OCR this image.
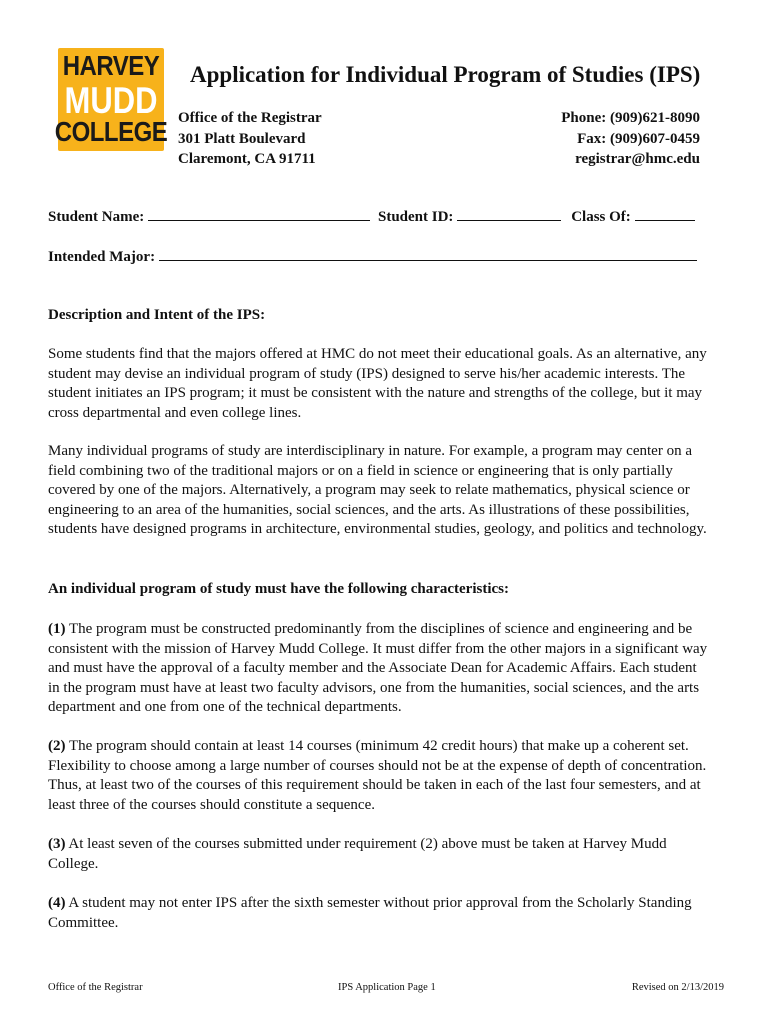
HARVEY
MUDD
COLLEGE
Application for Individual Program of Studies (IPS)
Office of the Registrar
301 Platt Boulevard
Claremont, CA 91711
Phone: (909)621-8090
Fax: (909)607-0459
registrar@hmc.edu
Student Name:	Student ID:	Class Of:
Intended Major:

Description and Intent of the IPS:

Some students find that the majors offered at HMC do not meet their educational goals. As an alternative, any student may devise an individual program of study (IPS) designed to serve his/her academic interests. The student initiates an IPS program; it must be consistent with the nature and strengths of the college, but it may cross departmental and even college lines.

Many individual programs of study are interdisciplinary in nature. For example, a program may center on a field combining two of the traditional majors or on a field in science or engineering that is only partially covered by one of the majors. Alternatively, a program may seek to relate mathematics, physical science or engineering to an area of the humanities, social sciences, and the arts. As illustrations of these possibilities, students have designed programs in architecture, environmental studies, geology, and politics and technology.

An individual program of study must have the following characteristics:

(1) The program must be constructed predominantly from the disciplines of science and engineering and be consistent with the mission of Harvey Mudd College. It must differ from the other majors in a significant way and must have the approval of a faculty member and the Associate Dean for Academic Affairs. Each student in the program must have at least two faculty advisors, one from the humanities, social sciences, and the arts department and one from one of the technical departments.

(2) The program should contain at least 14 courses (minimum 42 credit hours) that make up a coherent set. Flexibility to choose among a large number of courses should not be at the expense of depth of concentration. Thus, at least two of the courses of this requirement should be taken in each of the last four semesters, and at least three of the courses should constitute a sequence.

(3) At least seven of the courses submitted under requirement (2) above must be taken at Harvey Mudd College.

(4) A student may not enter IPS after the sixth semester without prior approval from the Scholarly Standing Committee.

Office of the Registrar	IPS Application Page 1	Revised on 2/13/2019
